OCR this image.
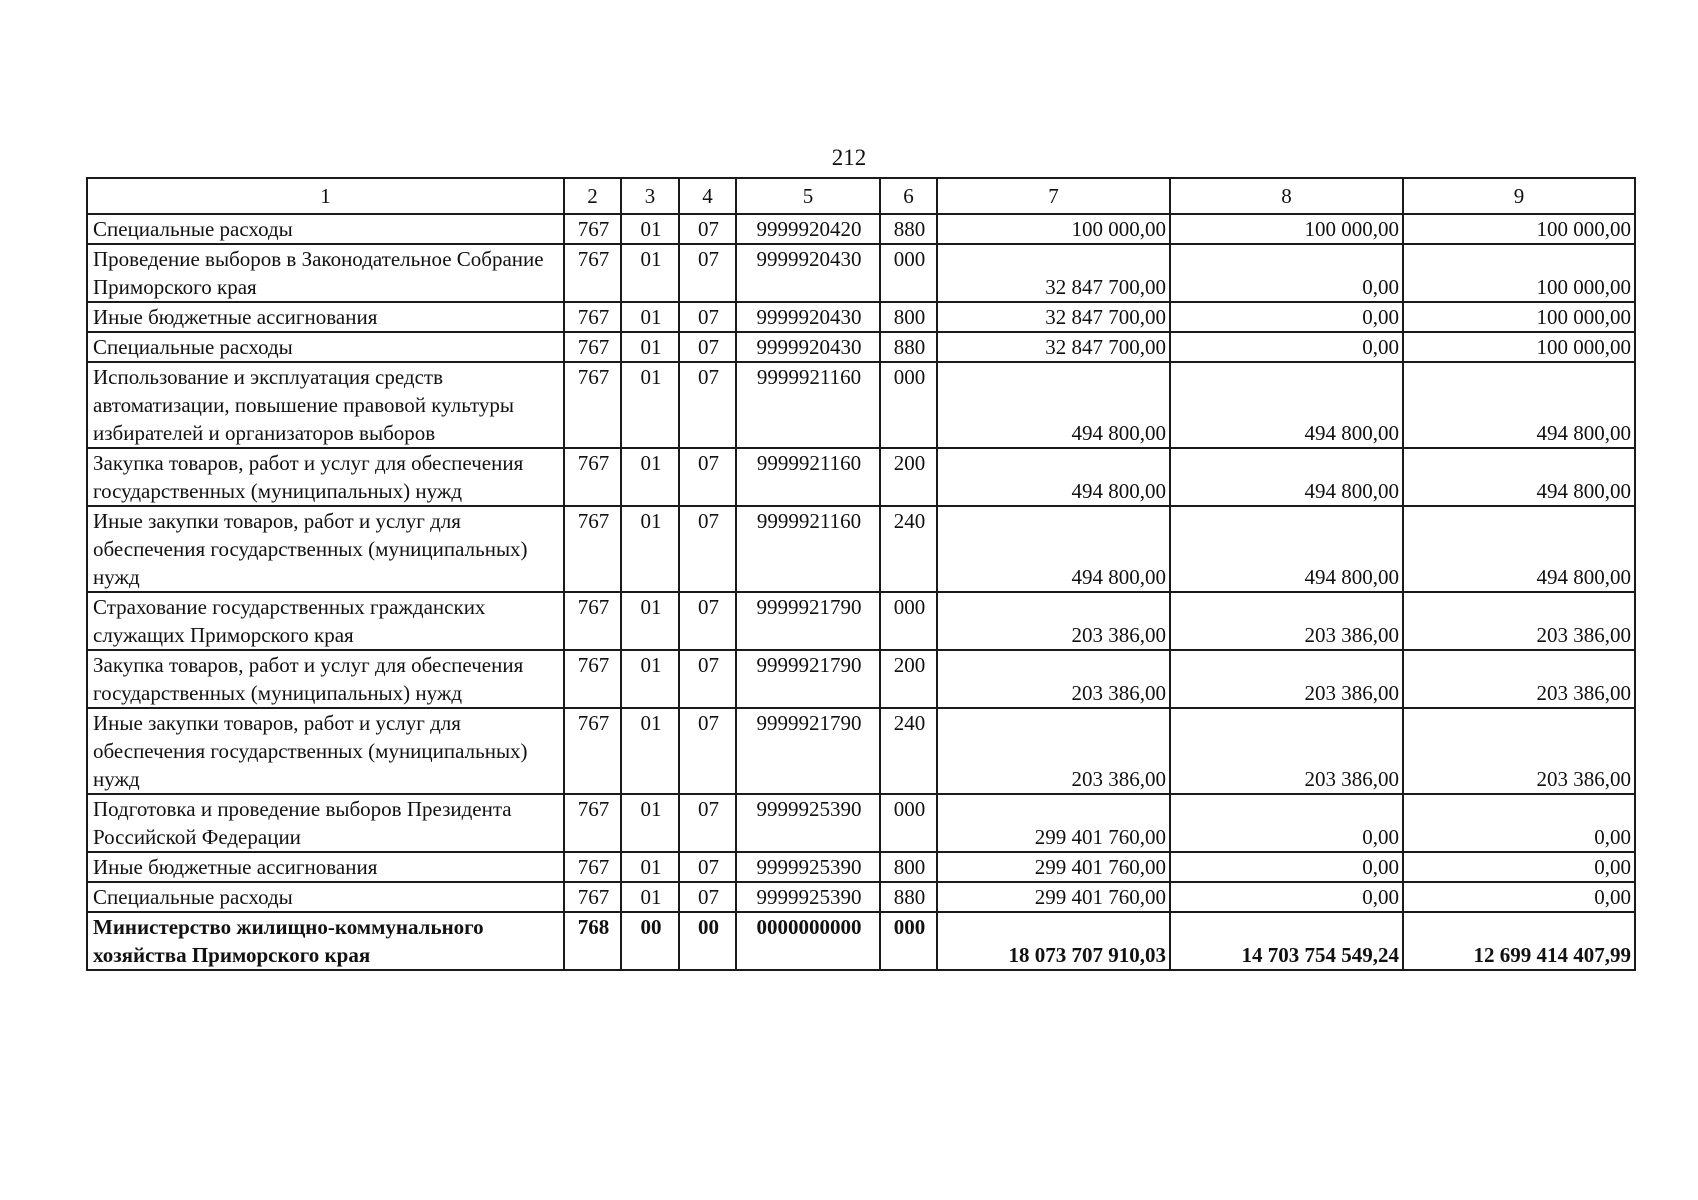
212
1	2	3	4	5	6	7	8	9
Специальные расходы	767	01	07	9999920420	880	100 000,00	100 000,00	100 000,00
Проведение выборов в Законодательное Собрание Приморского края	767	01	07	9999920430	000	32 847 700,00	0,00	100 000,00
Иные бюджетные ассигнования	767	01	07	9999920430	800	32 847 700,00	0,00	100 000,00
Специальные расходы	767	01	07	9999920430	880	32 847 700,00	0,00	100 000,00
Использование и эксплуатация средств автоматизации, повышение правовой культуры избирателей и организаторов выборов	767	01	07	9999921160	000	494 800,00	494 800,00	494 800,00
Закупка товаров, работ и услуг для обеспечения государственных (муниципальных) нужд	767	01	07	9999921160	200	494 800,00	494 800,00	494 800,00
Иные закупки товаров, работ и услуг для обеспечения государственных (муниципальных) нужд	767	01	07	9999921160	240	494 800,00	494 800,00	494 800,00
Страхование государственных гражданских служащих Приморского края	767	01	07	9999921790	000	203 386,00	203 386,00	203 386,00
Закупка товаров, работ и услуг для обеспечения государственных (муниципальных) нужд	767	01	07	9999921790	200	203 386,00	203 386,00	203 386,00
Иные закупки товаров, работ и услуг для обеспечения государственных (муниципальных) нужд	767	01	07	9999921790	240	203 386,00	203 386,00	203 386,00
Подготовка и проведение выборов Президента Российской Федерации	767	01	07	9999925390	000	299 401 760,00	0,00	0,00
Иные бюджетные ассигнования	767	01	07	9999925390	800	299 401 760,00	0,00	0,00
Специальные расходы	767	01	07	9999925390	880	299 401 760,00	0,00	0,00
Министерство жилищно-коммунального хозяйства Приморского края	768	00	00	0000000000	000	18 073 707 910,03	14 703 754 549,24	12 699 414 407,99
